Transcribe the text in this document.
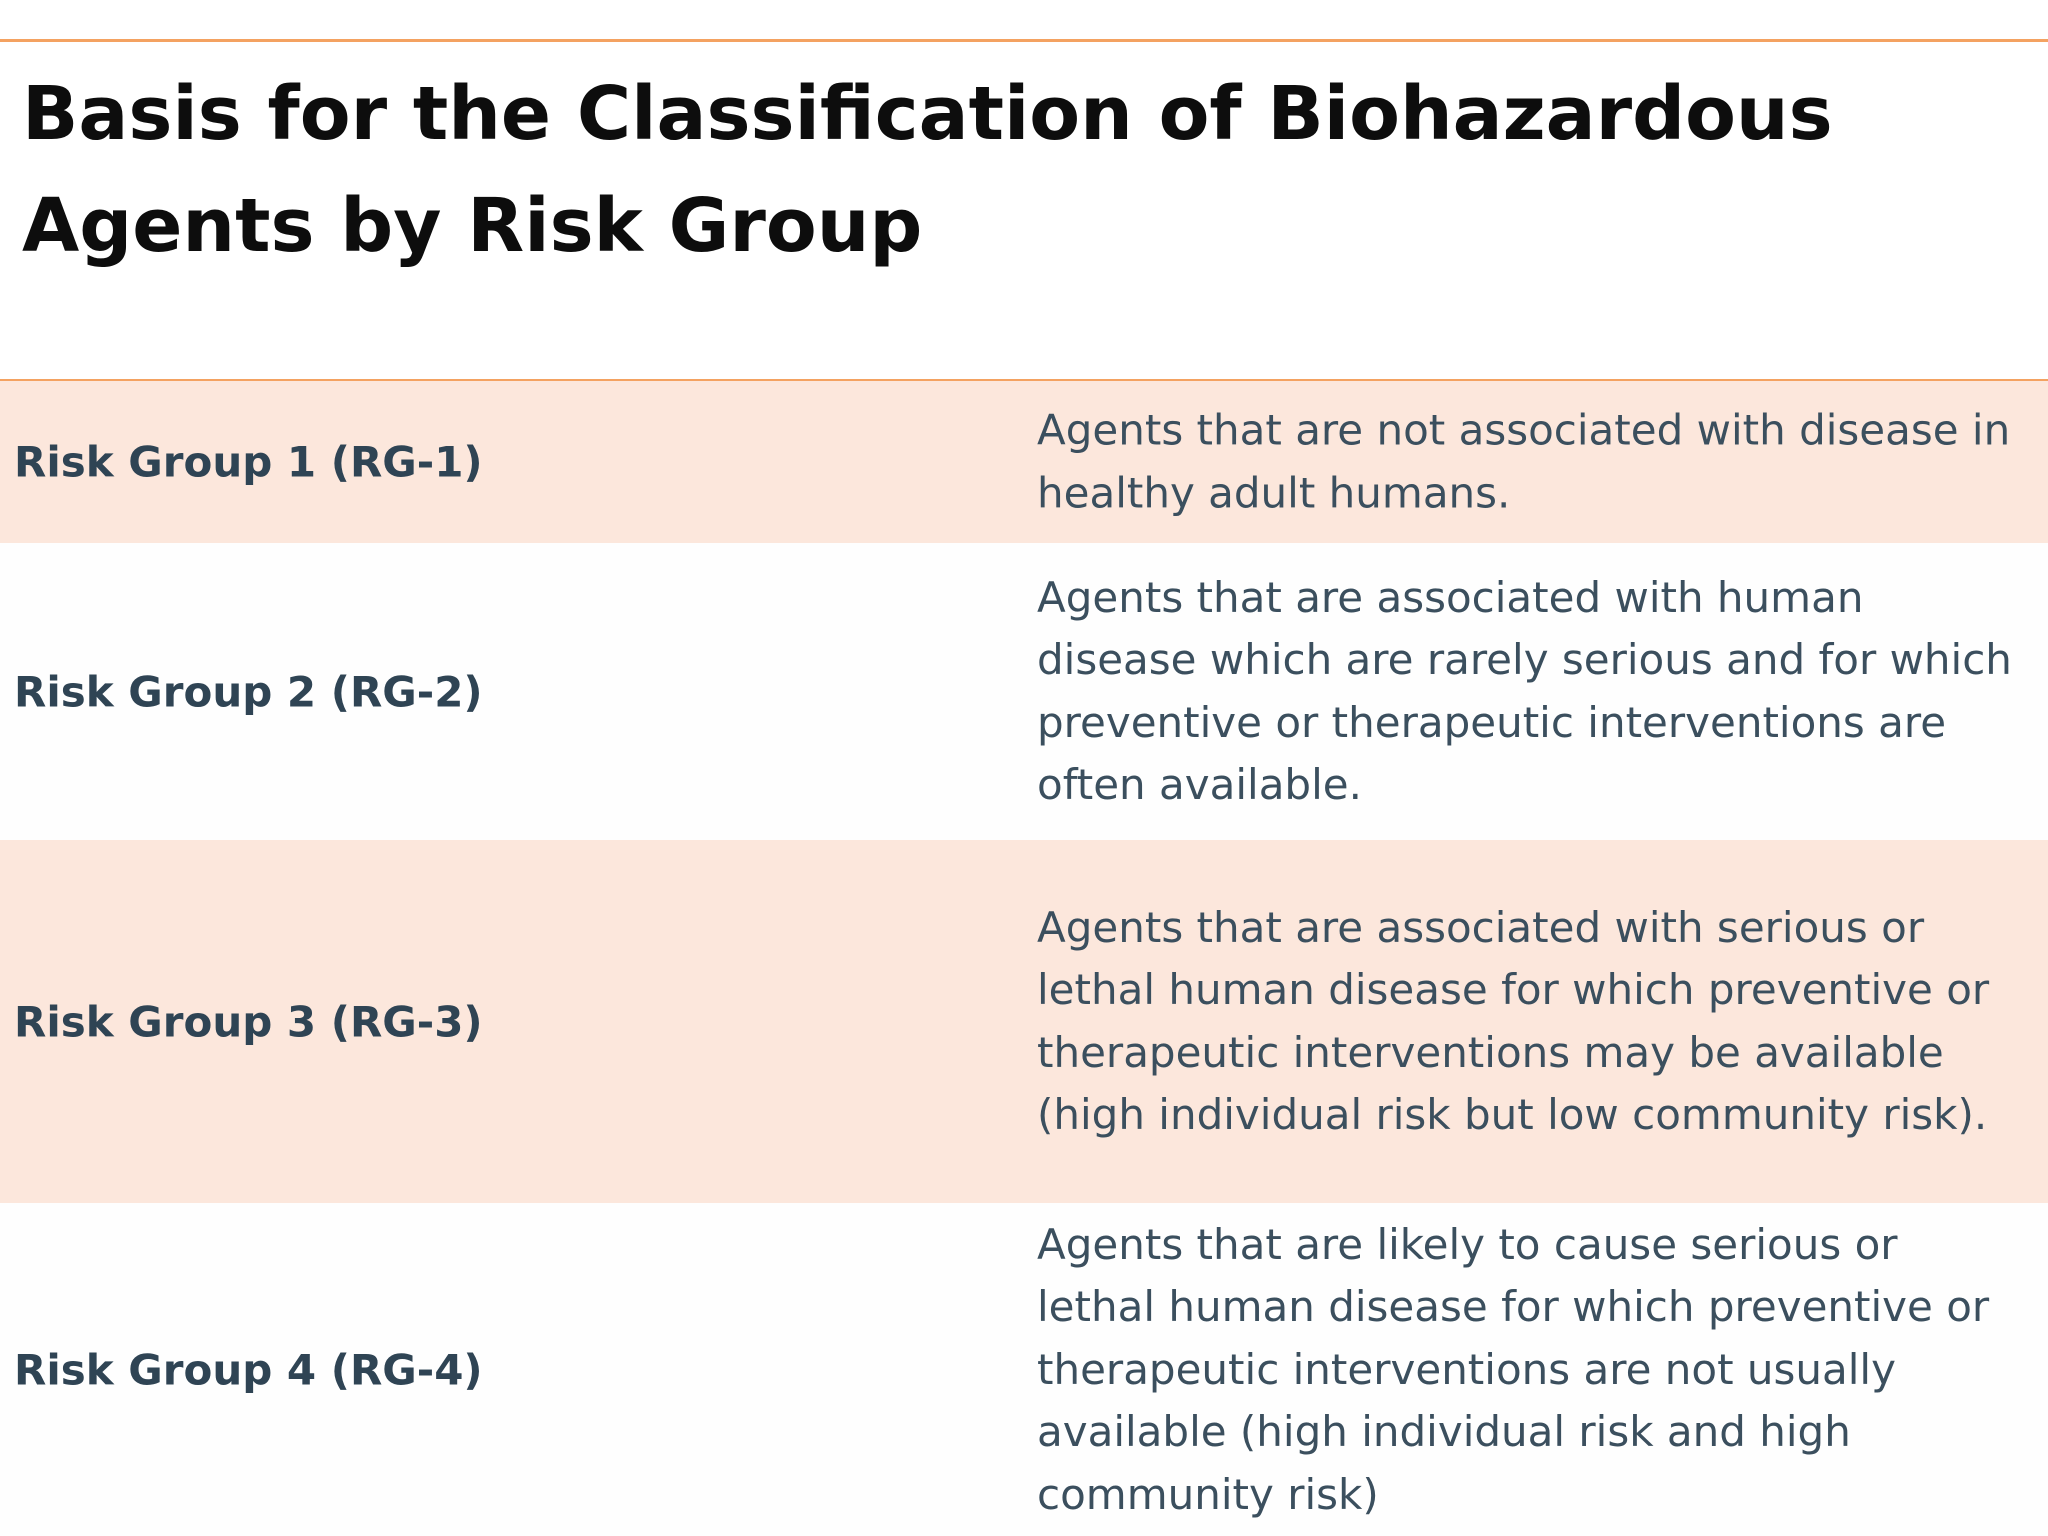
Basis for the Classification of Biohazardous Agents by Risk Group
Risk Group 1 (RG-1)
Agents that are not associated with disease in healthy adult humans.
Risk Group 2 (RG-2)
Agents that are associated with human disease which are rarely serious and for which preventive or therapeutic interventions are often available.
Risk Group 3 (RG-3)
Agents that are associated with serious or lethal human disease for which preventive or therapeutic interventions may be available (high individual risk but low community risk).
Risk Group 4 (RG-4)
Agents that are likely to cause serious or lethal human disease for which preventive or therapeutic interventions are not usually available (high individual risk and high community risk)
